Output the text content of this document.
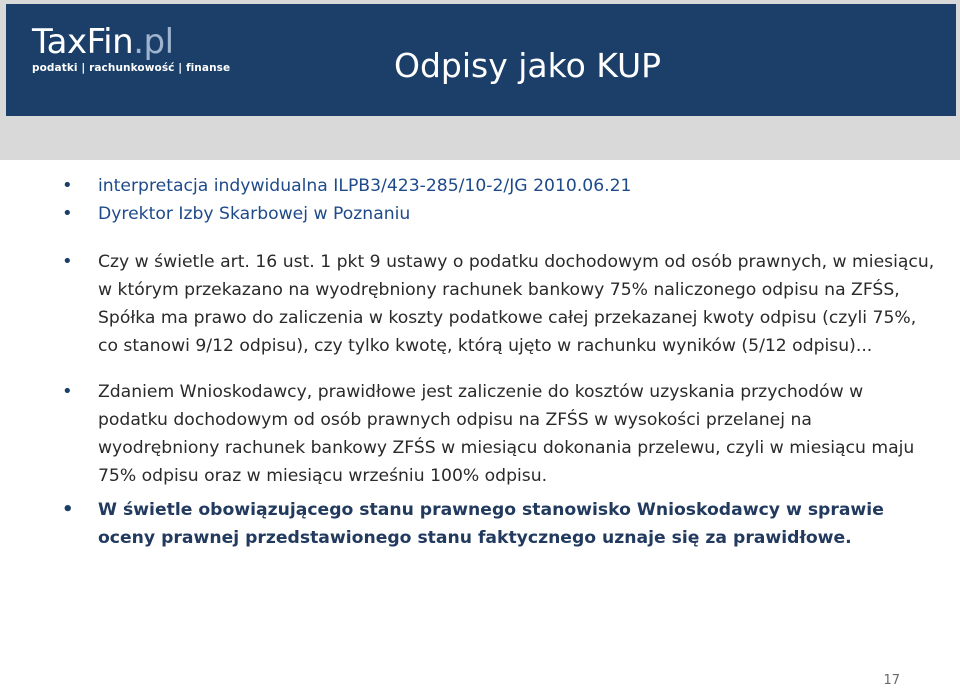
TaxFin.pl
podatki | rachunkowość | finanse	Odpisy jako KUP
• interpretacja indywidualna ILPB3/423-285/10-2/JG 2010.06.21
• Dyrektor Izby Skarbowej w Poznaniu
• Czy w świetle art. 16 ust. 1 pkt 9 ustawy o podatku dochodowym od osób prawnych, w miesiącu, w którym przekazano na wyodrębniony rachunek bankowy 75% naliczonego odpisu na ZFŚS, Spółka ma prawo do zaliczenia w koszty podatkowe całej przekazanej kwoty odpisu (czyli 75%, co stanowi 9/12 odpisu), czy tylko kwotę, którą ujęto w rachunku wyników (5/12 odpisu)...
• Zdaniem Wnioskodawcy, prawidłowe jest zaliczenie do kosztów uzyskania przychodów w podatku dochodowym od osób prawnych odpisu na ZFŚS w wysokości przelanej na wyodrębniony rachunek bankowy ZFŚS w miesiącu dokonania przelewu, czyli w miesiącu maju 75% odpisu oraz w miesiącu wrześniu 100% odpisu.
• W świetle obowiązującego stanu prawnego stanowisko Wnioskodawcy w sprawie oceny prawnej przedstawionego stanu faktycznego uznaje się za prawidłowe.
17
